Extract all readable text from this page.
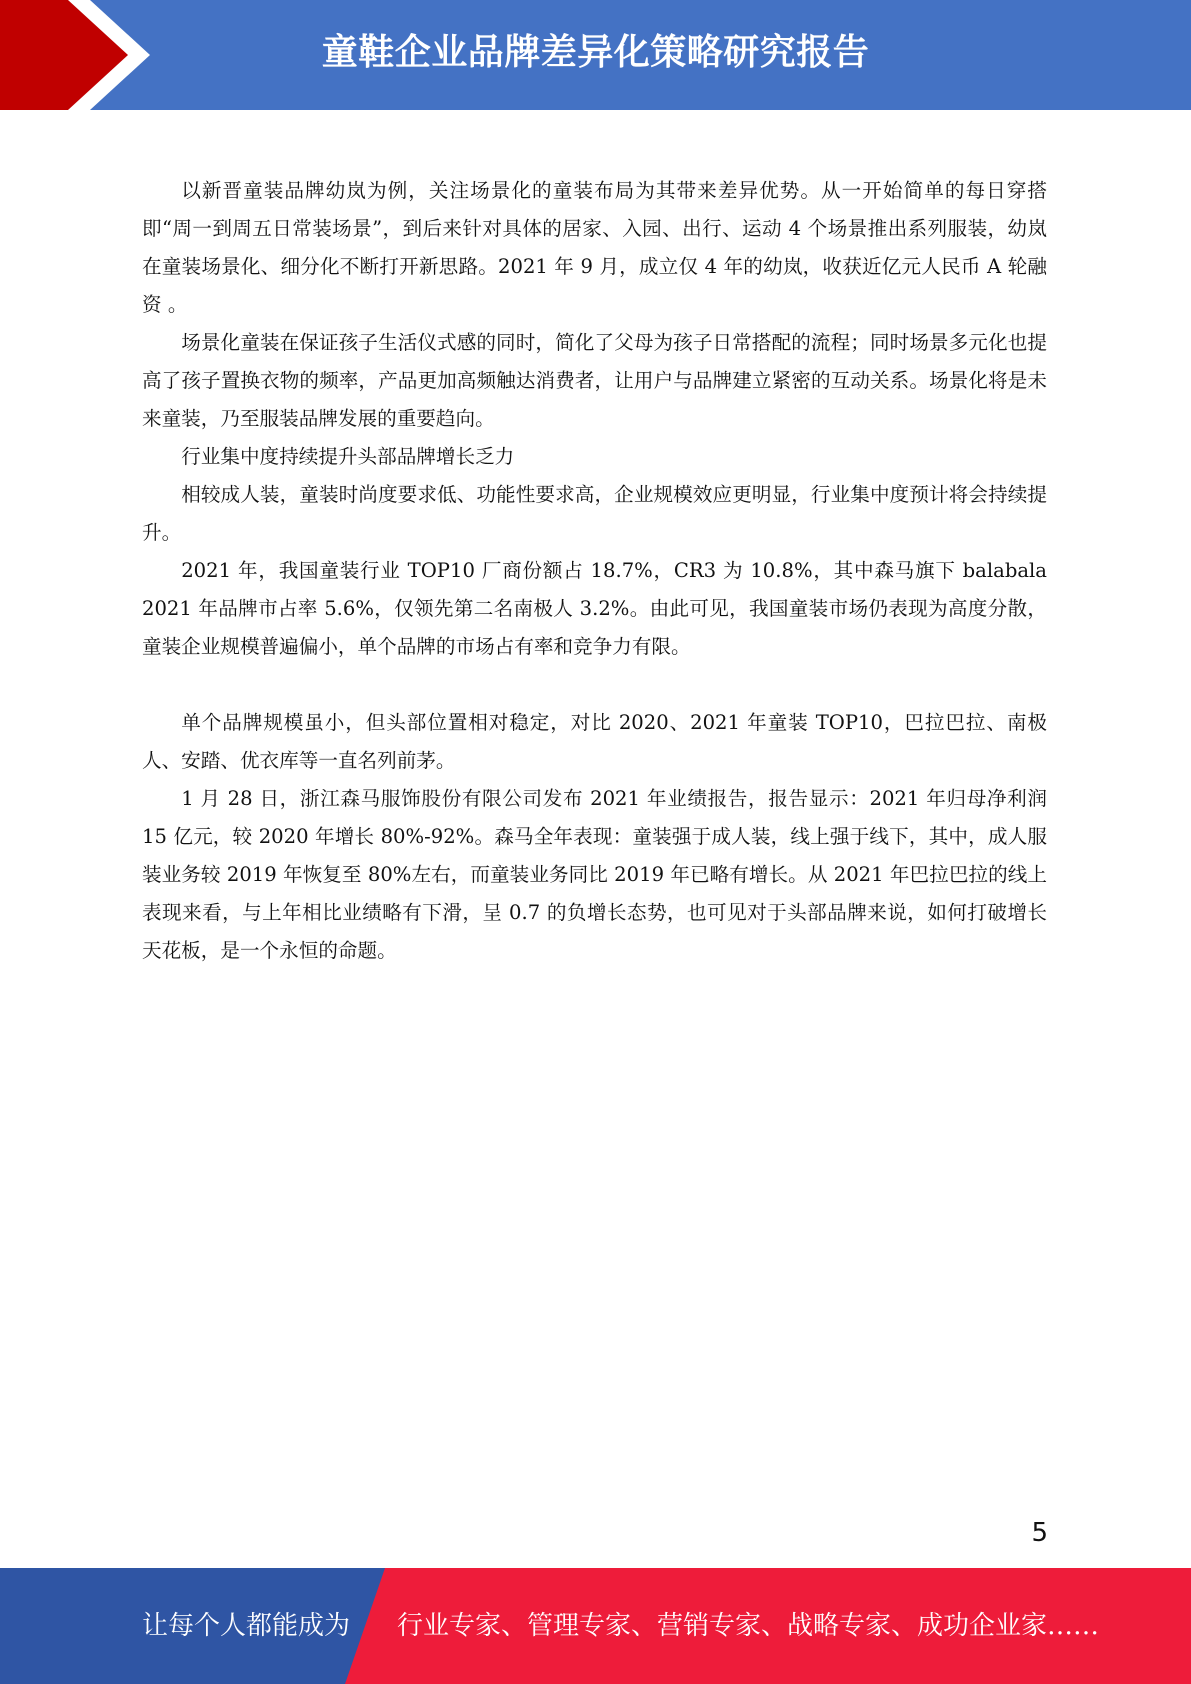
童鞋企业品牌差异化策略研究报告

以新晋童装品牌幼岚为例，关注场景化的童装布局为其带来差异优势。从一开始简单的每日穿搭即“周一到周五日常装场景”，到后来针对具体的居家、入园、出行、运动 4 个场景推出系列服装，幼岚在童装场景化、细分化不断打开新思路。2021 年 9 月，成立仅 4 年的幼岚，收获近亿元人民币 A 轮融资 。

场景化童装在保证孩子生活仪式感的同时，简化了父母为孩子日常搭配的流程；同时场景多元化也提高了孩子置换衣物的频率，产品更加高频触达消费者，让用户与品牌建立紧密的互动关系。场景化将是未来童装，乃至服装品牌发展的重要趋向。

行业集中度持续提升头部品牌增长乏力

相较成人装，童装时尚度要求低、功能性要求高，企业规模效应更明显，行业集中度预计将会持续提升。

2021 年，我国童装行业 TOP10 厂商份额占 18.7%，CR3 为 10.8%，其中森马旗下 balabala 2021 年品牌市占率 5.6%，仅领先第二名南极人 3.2%。由此可见，我国童装市场仍表现为高度分散，童装企业规模普遍偏小，单个品牌的市场占有率和竞争力有限。

单个品牌规模虽小，但头部位置相对稳定，对比 2020、2021 年童装 TOP10，巴拉巴拉、南极人、安踏、优衣库等一直名列前茅。

1 月 28 日，浙江森马服饰股份有限公司发布 2021 年业绩报告，报告显示：2021 年归母净利润 15 亿元，较 2020 年增长 80%-92%。森马全年表现：童装强于成人装，线上强于线下，其中，成人服装业务较 2019 年恢复至 80%左右，而童装业务同比 2019 年已略有增长。从 2021 年巴拉巴拉的线上表现来看，与上年相比业绩略有下滑，呈 0.7 的负增长态势，也可见对于头部品牌来说，如何打破增长天花板，是一个永恒的命题。

5
让每个人都能成为 行业专家、管理专家、营销专家、战略专家、成功企业家……
